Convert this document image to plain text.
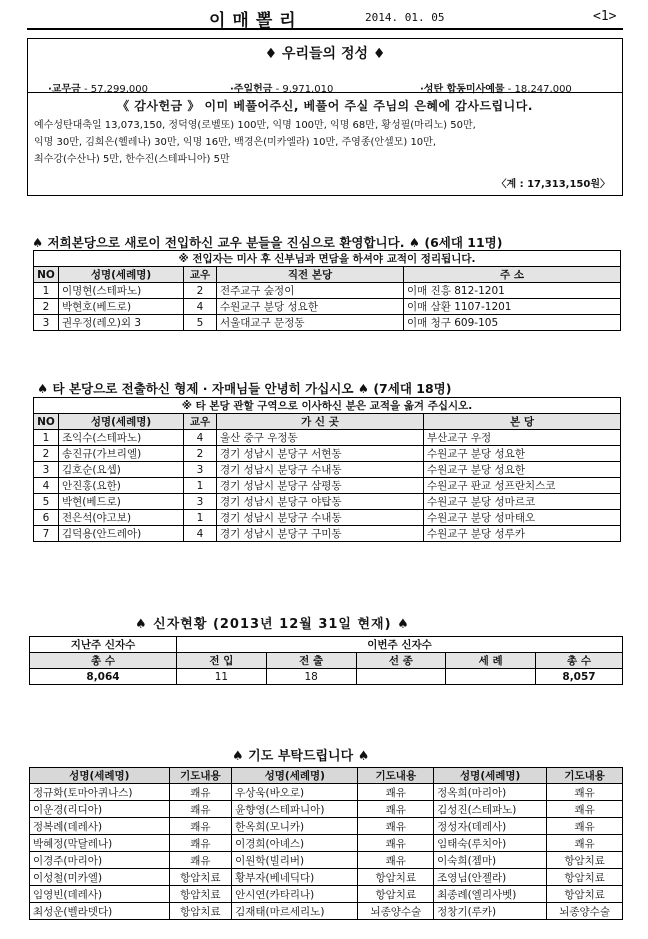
이매뽈리	2014. 01. 05	<1>
♦ 우리들의 정성 ♦
·교무금 - 57,299,000	·주일헌금 - 9,971,010	·성탄 합동미사예물 - 18,247,000
《 감사헌금 》 이미 베풀어주신, 베풀어 주실 주님의 은혜에 감사드립니다.
예수성탄대축일 13,073,150, 정덕영(로벨또) 100만, 익명 100만, 익명 68만, 황성필(마리노) 50만,
익명 30만, 김희은(헬레나) 30만, 익명 16만, 백경은(미카엘라) 10만, 주영종(안셀모) 10만,
최수강(수산나) 5만, 한수진(스테파니아) 5만
〈계 : 17,313,150원〉
♠ 저희본당으로 새로이 전입하신 교우 분들을 진심으로 환영합니다. ♠ (6세대 11명)
※ 전입자는 미사 후 신부님과 면담을 하셔야 교적이 정리됩니다.				
NO	성명(세례명)	교우	직전 본당	주 소
1	이명현(스테파노)	2	전주교구 숲정이	이매 진흥 812-1201
2	박현호(베드로)	4	수원교구 분당 성요한	이매 삼환 1107-1201
3	권우정(레오)외 3	5	서울대교구 문정동	이매 청구 609-105
♠ 타 본당으로 전출하신 형제 · 자매님들 안녕히 가십시오 ♠ (7세대 18명)
※ 타 본당 관할 구역으로 이사하신 분은 교적을 옮겨 주십시오.				
NO	성명(세례명)	교우	가 신 곳	본 당
1	조익수(스테파노)	4	울산 중구 우정동	부산교구 우정
2	송진규(가브리엘)	2	경기 성남시 분당구 서현동	수원교구 분당 성요한
3	김호순(요셉)	3	경기 성남시 분당구 수내동	수원교구 분당 성요한
4	안진홍(요한)	1	경기 성남시 분당구 삼평동	수원교구 판교 성프란치스코
5	박현(베드로)	3	경기 성남시 분당구 야탑동	수원교구 분당 성마르코
6	전은석(야고보)	1	경기 성남시 분당구 수내동	수원교구 분당 성마태오
7	김덕용(안드레아)	4	경기 성남시 분당구 구미동	수원교구 분당 성루카
♠ 신자현황 (2013년 12월 31일 현재) ♠
지난주 신자수	이번주 신자수				
총 수	전 입	전 출	선 종	세 례	총 수
8,064	11	18			8,057
♠ 기도 부탁드립니다 ♠
성명(세례명)	기도내용	성명(세례명)	기도내용	성명(세례명)	기도내용
정규화(토마아퀴나스)	쾌유	우상욱(바오로)	쾌유	정옥희(마리아)	쾌유
이운경(리디아)	쾌유	윤향영(스테파니아)	쾌유	김성진(스테파노)	쾌유
정복례(데레사)	쾌유	한옥희(모니카)	쾌유	정성자(데레사)	쾌유
박혜정(막달레나)	쾌유	이경희(아녜스)	쾌유	임태숙(루치아)	쾌유
이경주(마리아)	쾌유	이원학(빌리버)	쾌유	이숙희(젬마)	항암치료
이성철(미카엘)	항암치료	황부자(베네딕다)	항암치료	조영님(안젤라)	항암치료
임영빈(데레사)	항암치료	안시연(카타리나)	항암치료	최종례(엘리사벳)	항암치료
최성운(벨라뎃다)	항암치료	김재태(마르세리노)	뇌종양수술	정창기(루카)	뇌종양수술
